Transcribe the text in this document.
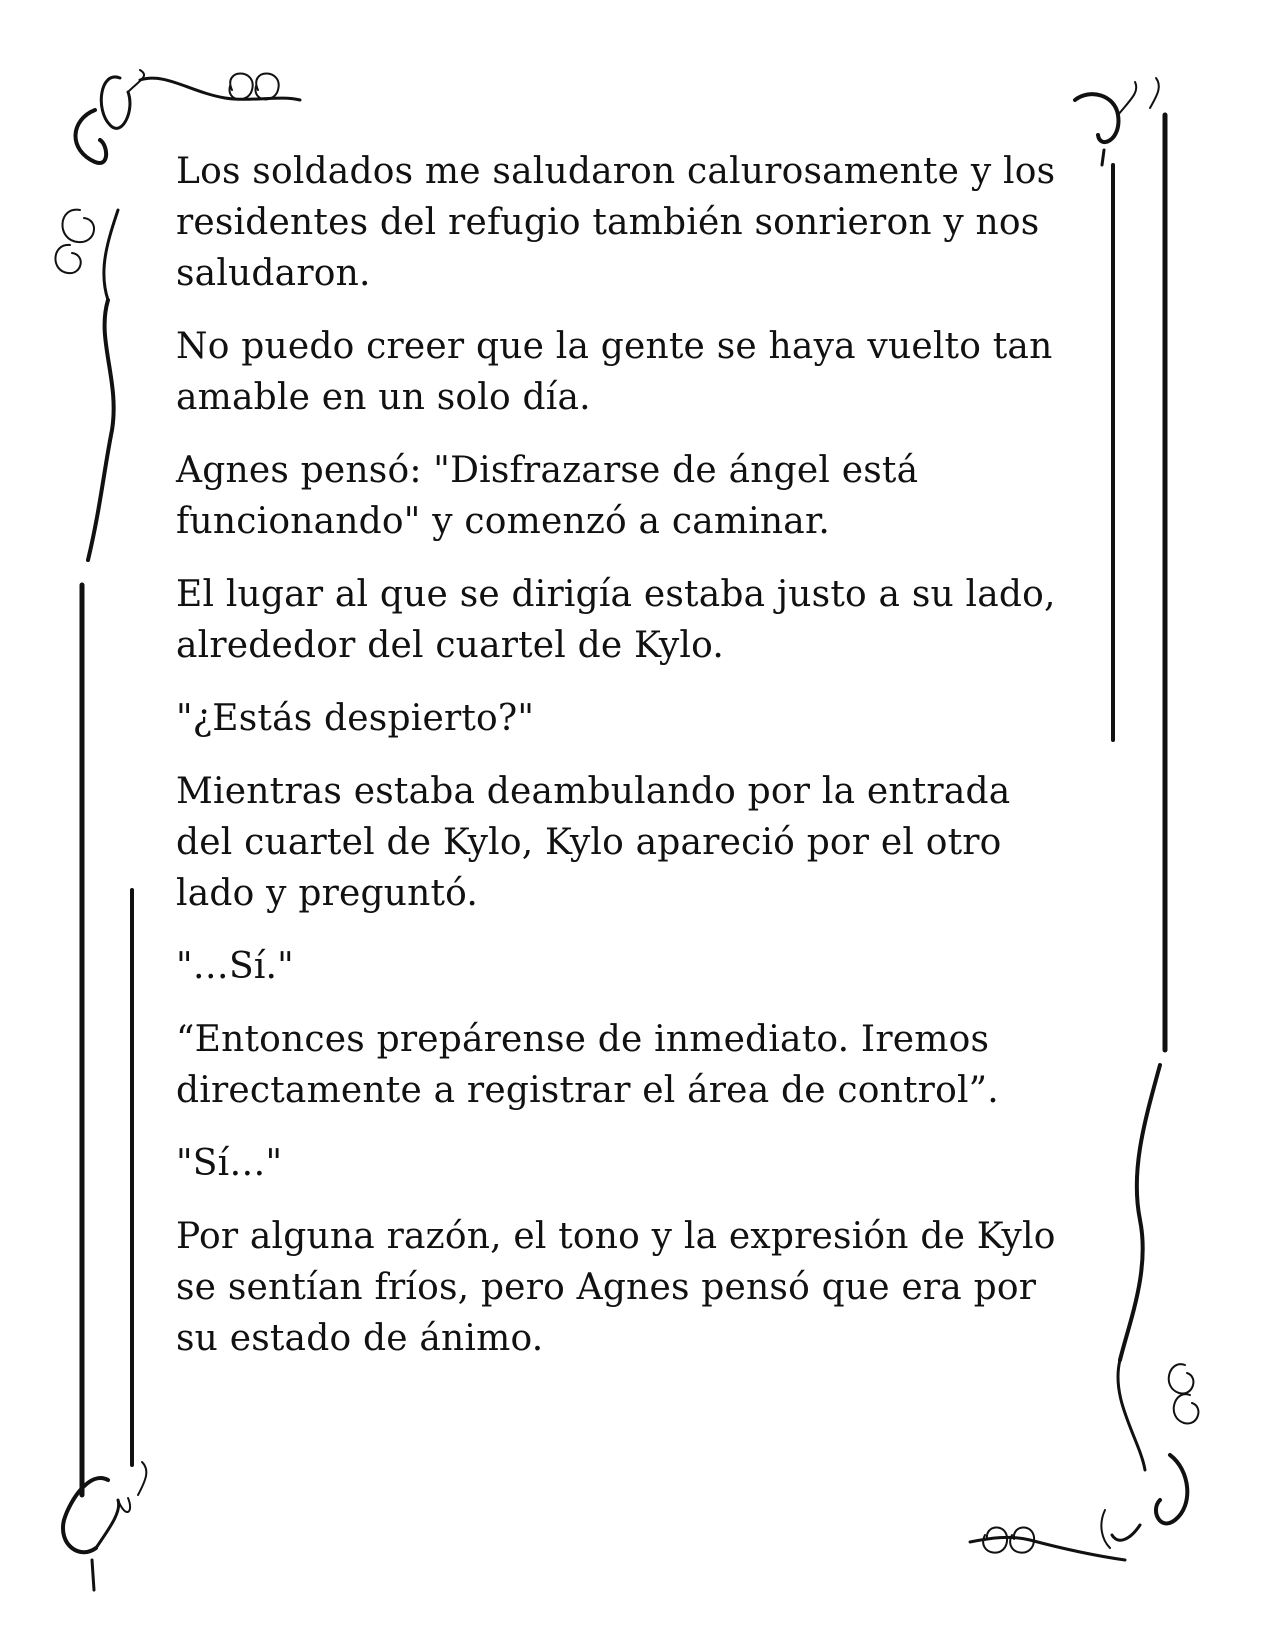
Los soldados me saludaron calurosamente y los
residentes del refugio también sonrieron y nos
saludaron.

No puedo creer que la gente se haya vuelto tan
amable en un solo día.

Agnes pensó: "Disfrazarse de ángel está
funcionando" y comenzó a caminar.

El lugar al que se dirigía estaba justo a su lado,
alrededor del cuartel de Kylo.

"¿Estás despierto?"

Mientras estaba deambulando por la entrada
del cuartel de Kylo, Kylo apareció por el otro
lado y preguntó.

"…Sí."

“Entonces prepárense de inmediato. Iremos
directamente a registrar el área de control”.

"Sí…"

Por alguna razón, el tono y la expresión de Kylo
se sentían fríos, pero Agnes pensó que era por
su estado de ánimo.
